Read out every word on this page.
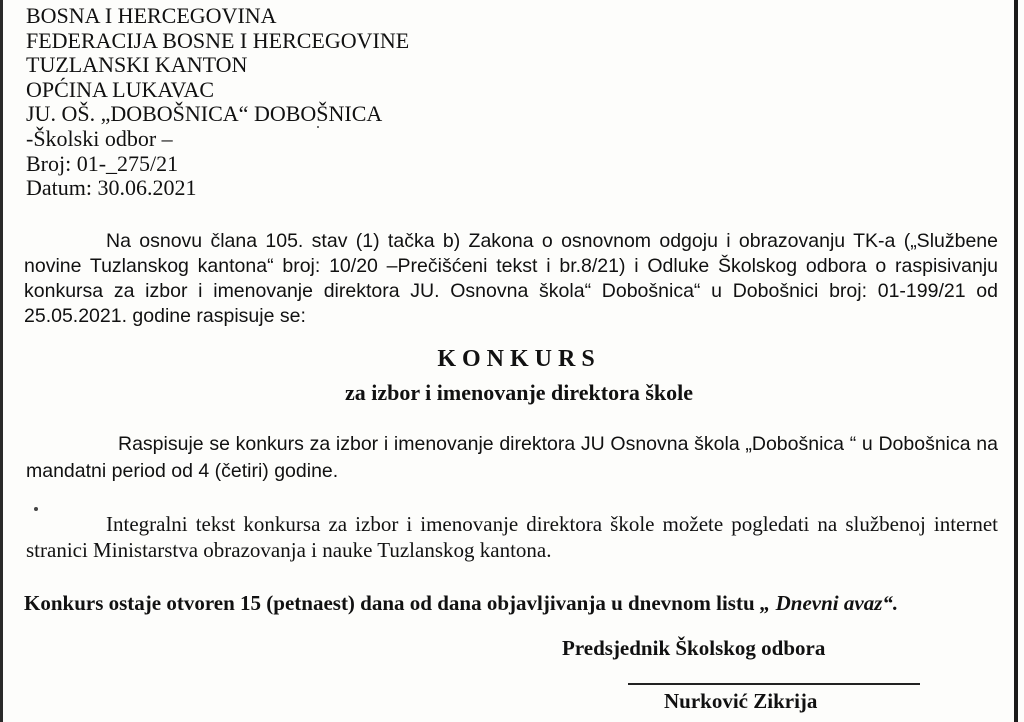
BOSNA I HERCEGOVINA
FEDERACIJA BOSNE I HERCEGOVINE
TUZLANSKI KANTON
OPĆINA LUKAVAC
JU. OŠ. „DOBOŠNICA“ DOBOŠNICA
-Školski odbor –
Broj: 01-_275/21
Datum: 30.06.2021
Na osnovu člana 105. stav (1) tačka b) Zakona o osnovnom odgoju i obrazovanju TK-a („Službene novine Tuzlanskog kantona“ broj: 10/20 –Prečišćeni tekst i br.8/21) i Odluke Školskog odbora o raspisivanju konkursa za izbor i imenovanje direktora JU. Osnovna škola“ Dobošnica“ u Dobošnici broj: 01-199/21 od 25.05.2021. godine raspisuje se:
KONKURS
za izbor i imenovanje direktora škole
Raspisuje se konkurs za izbor i imenovanje direktora JU Osnovna škola „Dobošnica “ u Dobošnica na mandatni period od 4 (četiri) godine.
Integralni tekst konkursa za izbor i imenovanje direktora škole možete pogledati na službenoj internet stranici Ministarstva obrazovanja i nauke Tuzlanskog kantona.
Konkurs ostaje otvoren 15 (petnaest) dana od dana objavljivanja u dnevnom listu „ Dnevni avaz“.
Predsjednik Školskog odbora
Nurković Zikrija
